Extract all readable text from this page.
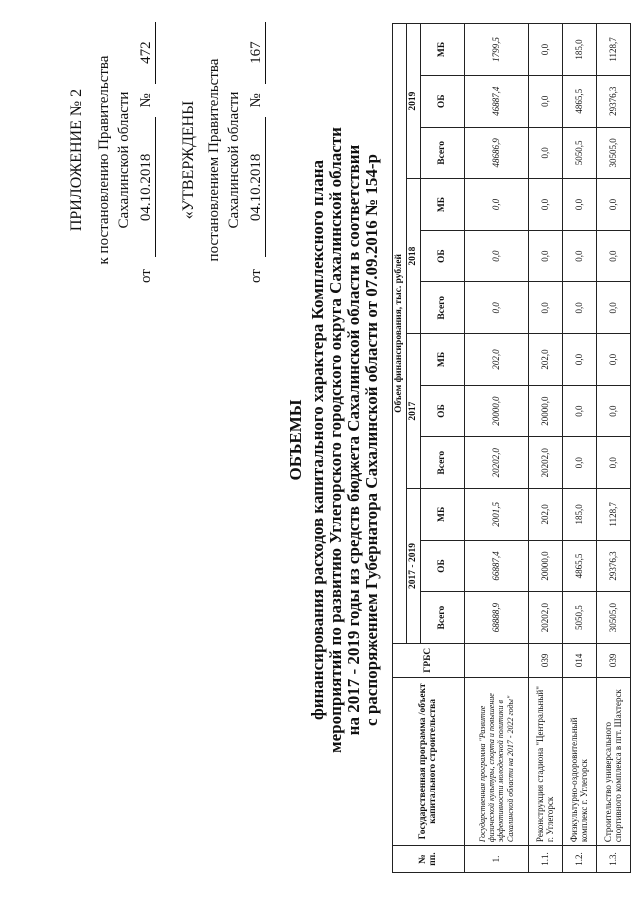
ПРИЛОЖЕНИЕ № 2 к постановлению Правительства Сахалинской области
от 04.10.2018 № 472
«УТВЕРЖДЕНЫ постановлением Правительства Сахалинской области
от 04.10.2018 № 167
ОБЪЕМЫ финансирования расходов капитального характера Комплексного плана мероприятий по развитию Углегорского городского округа Сахалинской области на 2017 - 2019 годы из средств бюджета Сахалинской области в соответствии с распоряжением Губернатора Сахалинской области от 07.09.2016 № 154-р
№ пп.	Государственная программа /объект капитального строительства	ГРБС	Объем финансирования, тыс. рублей											
			2017 - 2019			2017			2018			2019		
			Всего	ОБ	МБ	Всего	ОБ	МБ	Всего	ОБ	МБ	Всего	ОБ	МБ
1.	Государственная программа "Развитие физической культуры, спорта и повышение эффективности молодежной политики в Сахалинской области на 2017 - 2022 годы"		68888,9	66887,4	2001,5	20202,0	20000,0	202,0	0,0	0,0	0,0	48686,9	46887,4	1799,5
1.1.	Реконструкция стадиона "Центральный" г. Углегорск	039	20202,0	20000,0	202,0	20202,0	20000,0	202,0	0,0	0,0	0,0	0,0	0,0	0,0
1.2.	Физкультурно-оздоровительный комплекс г. Углегорск	014	5050,5	4865,5	185,0	0,0	0,0	0,0	0,0	0,0	0,0	5050,5	4865,5	185,0
1.3.	Строительство универсального спортивного комплекса в пгт. Шахтерск	039	30505,0	29376,3	1128,7	0,0	0,0	0,0	0,0	0,0	0,0	30505,0	29376,3	1128,7
